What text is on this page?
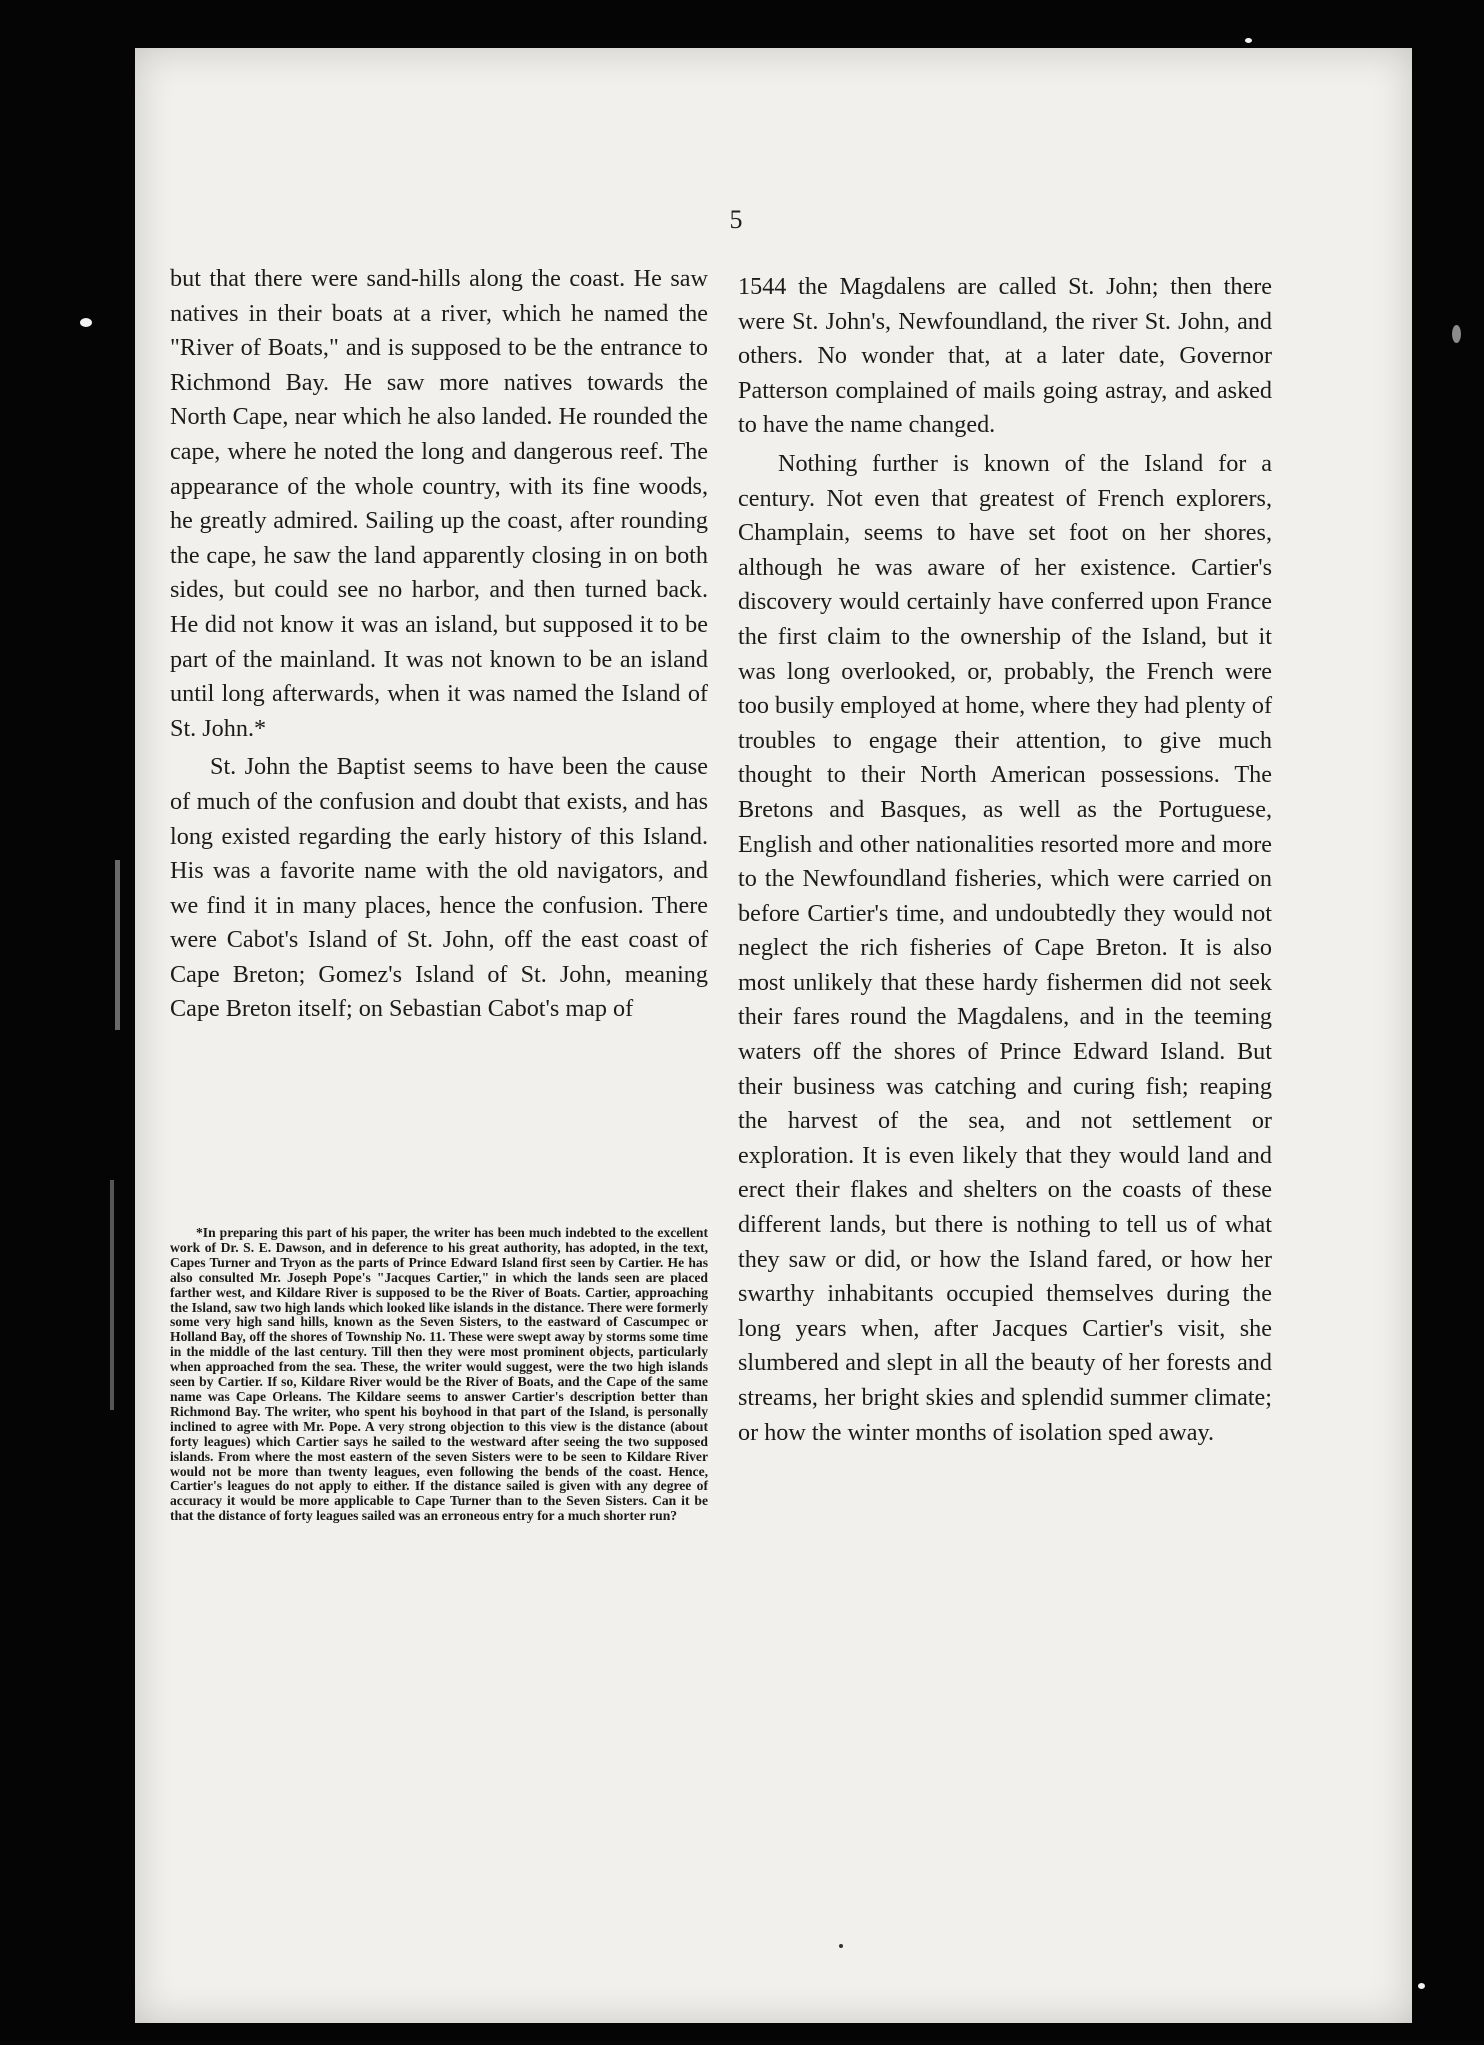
5

but that there were sand-hills along the coast. He saw natives in their boats at a river, which he named the "River of Boats," and is supposed to be the entrance to Richmond Bay. He saw more natives towards the North Cape, near which he also landed. He rounded the cape, where he noted the long and dangerous reef. The appearance of the whole country, with its fine woods, he greatly admired. Sailing up the coast, after rounding the cape, he saw the land apparently closing in on both sides, but could see no harbor, and then turned back. He did not know it was an island, but supposed it to be part of the mainland. It was not known to be an island until long afterwards, when it was named the Island of St. John.*

St. John the Baptist seems to have been the cause of much of the confusion and doubt that exists, and has long existed regarding the early history of this Island. His was a favorite name with the old navigators, and we find it in many places, hence the confusion. There were Cabot's Island of St. John, off the east coast of Cape Breton; Gomez's Island of St. John, meaning Cape Breton itself; on Sebastian Cabot's map of

*In preparing this part of his paper, the writer has been much indebted to the excellent work of Dr. S. E. Dawson, and in deference to his great authority, has adopted, in the text, Capes Turner and Tryon as the parts of Prince Edward Island first seen by Cartier. He has also consulted Mr. Joseph Pope's "Jacques Cartier," in which the lands seen are placed farther west, and Kildare River is supposed to be the River of Boats. Cartier, approaching the Island, saw two high lands which looked like islands in the distance. There were formerly some very high sand hills, known as the Seven Sisters, to the eastward of Cascumpec or Holland Bay, off the shores of Township No. 11. These were swept away by storms some time in the middle of the last century. Till then they were most prominent objects, particularly when approached from the sea. These, the writer would suggest, were the two high islands seen by Cartier. If so, Kildare River would be the River of Boats, and the Cape of the same name was Cape Orleans. The Kildare seems to answer Cartier's description better than Richmond Bay. The writer, who spent his boyhood in that part of the Island, is personally inclined to agree with Mr. Pope. A very strong objection to this view is the distance (about forty leagues) which Cartier says he sailed to the westward after seeing the two supposed islands. From where the most eastern of the seven Sisters were to be seen to Kildare River would not be more than twenty leagues, even following the bends of the coast. Hence, Cartier's leagues do not apply to either. If the distance sailed is given with any degree of accuracy it would be more applicable to Cape Turner than to the Seven Sisters. Can it be that the distance of forty leagues sailed was an erroneous entry for a much shorter run?

1544 the Magdalens are called St. John; then there were St. John's, Newfoundland, the river St. John, and others. No wonder that, at a later date, Governor Patterson complained of mails going astray, and asked to have the name changed.

Nothing further is known of the Island for a century. Not even that greatest of French explorers, Champlain, seems to have set foot on her shores, although he was aware of her existence. Cartier's discovery would certainly have conferred upon France the first claim to the ownership of the Island, but it was long overlooked, or, probably, the French were too busily employed at home, where they had plenty of troubles to engage their attention, to give much thought to their North American possessions. The Bretons and Basques, as well as the Portuguese, English and other nationalities resorted more and more to the Newfoundland fisheries, which were carried on before Cartier's time, and undoubtedly they would not neglect the rich fisheries of Cape Breton. It is also most unlikely that these hardy fishermen did not seek their fares round the Magdalens, and in the teeming waters off the shores of Prince Edward Island. But their business was catching and curing fish; reaping the harvest of the sea, and not settlement or exploration. It is even likely that they would land and erect their flakes and shelters on the coasts of these different lands, but there is nothing to tell us of what they saw or did, or how the Island fared, or how her swarthy inhabitants occupied themselves during the long years when, after Jacques Cartier's visit, she slumbered and slept in all the beauty of her forests and streams, her bright skies and splendid summer climate; or how the winter months of isolation sped away.
